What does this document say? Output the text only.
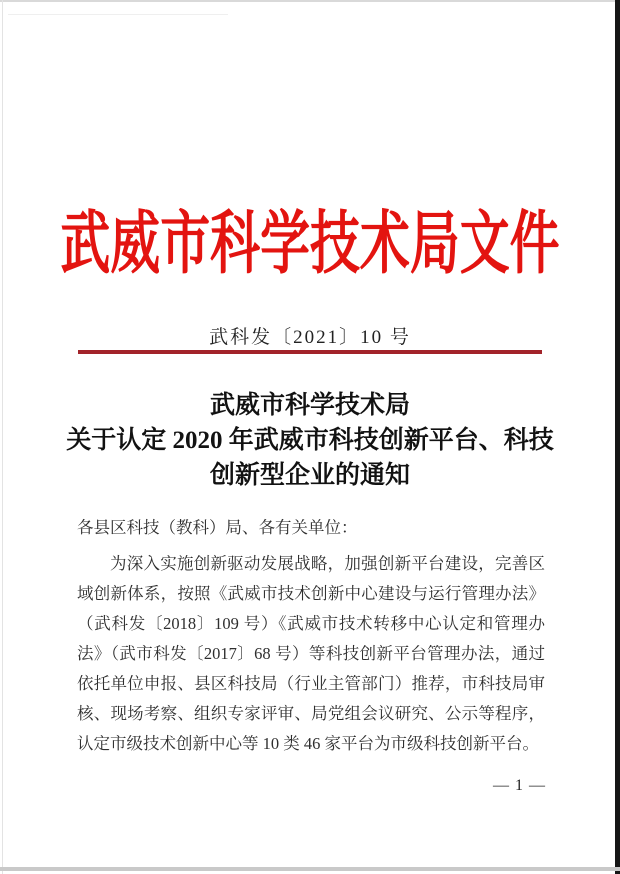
武威市科学技术局文件
武科发〔2021〕10 号
武威市科学技术局
关于认定 2020 年武威市科技创新平台、科技
创新型企业的通知
各县区科技（教科）局、各有关单位：
为深入实施创新驱动发展战略，加强创新平台建设，完善区域创新体系，按照《武威市技术创新中心建设与运行管理办法》（武科发〔2018〕109 号）《武威市技术转移中心认定和管理办法》（武市科发〔2017〕68 号）等科技创新平台管理办法，通过依托单位申报、县区科技局（行业主管部门）推荐，市科技局审核、现场考察、组织专家评审、局党组会议研究、公示等程序，认定市级技术创新中心等 10 类 46 家平台为市级科技创新平台。
— 1 —
